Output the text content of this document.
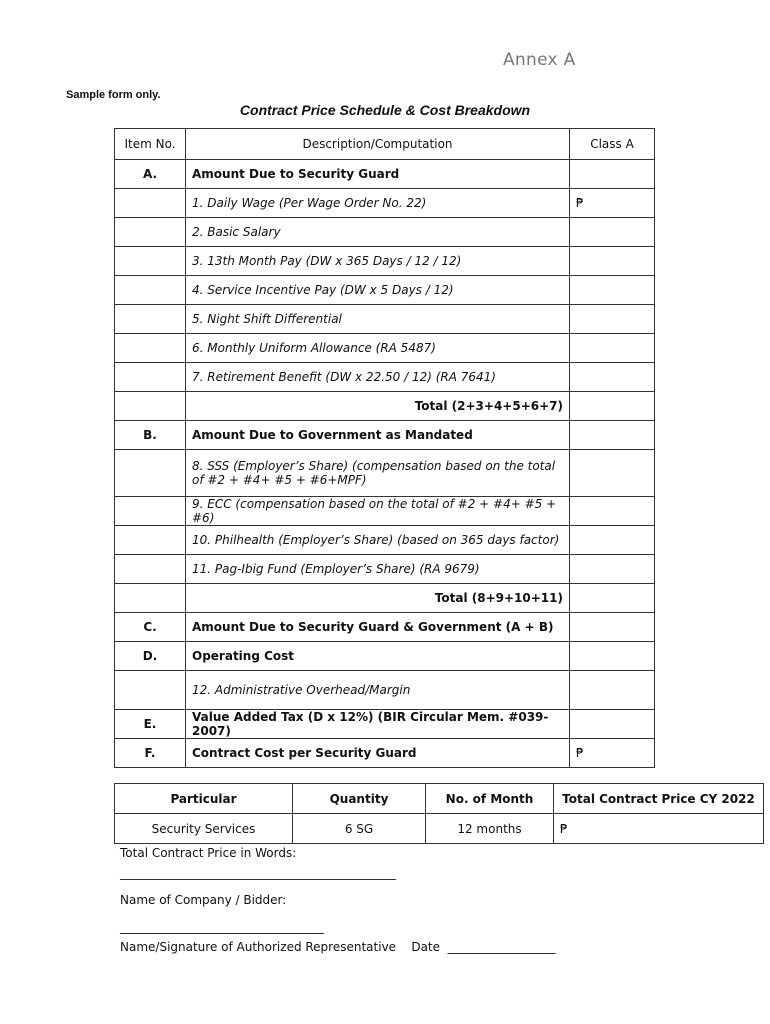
Annex A
Sample form only.
Contract Price Schedule & Cost Breakdown
Item No.	Description/Computation	Class A
A.	Amount Due to Security Guard	
	1. Daily Wage (Per Wage Order No. 22)	₱
	2. Basic Salary	
	3. 13th Month Pay (DW x 365 Days / 12 / 12)	
	4. Service Incentive Pay (DW x 5 Days / 12)	
	5. Night Shift Differential	
	6. Monthly Uniform Allowance (RA 5487)	
	7. Retirement Benefit (DW x 22.50 / 12) (RA 7641)	
	Total (2+3+4+5+6+7)	
B.	Amount Due to Government as Mandated	
	8. SSS (Employer’s Share) (compensation based on the total of #2 + #4+ #5 + #6+MPF)	
	9. ECC (compensation based on the total of #2 + #4+ #5 + #6)	
	10. Philhealth (Employer’s Share) (based on 365 days factor)	
	11. Pag-Ibig Fund (Employer’s Share) (RA 9679)	
	Total (8+9+10+11)	
C.	Amount Due to Security Guard & Government (A + B)	
D.	Operating Cost	
	12. Administrative Overhead/Margin	
E.	Value Added Tax (D x 12%) (BIR Circular Mem. #039-2007)	
F.	Contract Cost per Security Guard	₱
Particular	Quantity	No. of Month	Total Contract Price CY 2022
Security Services	6 SG	12 months	₱
Total Contract Price in Words:
______________________________________________
Name of Company / Bidder:
__________________________________
Name/Signature of Authorized Representative Date __________________
